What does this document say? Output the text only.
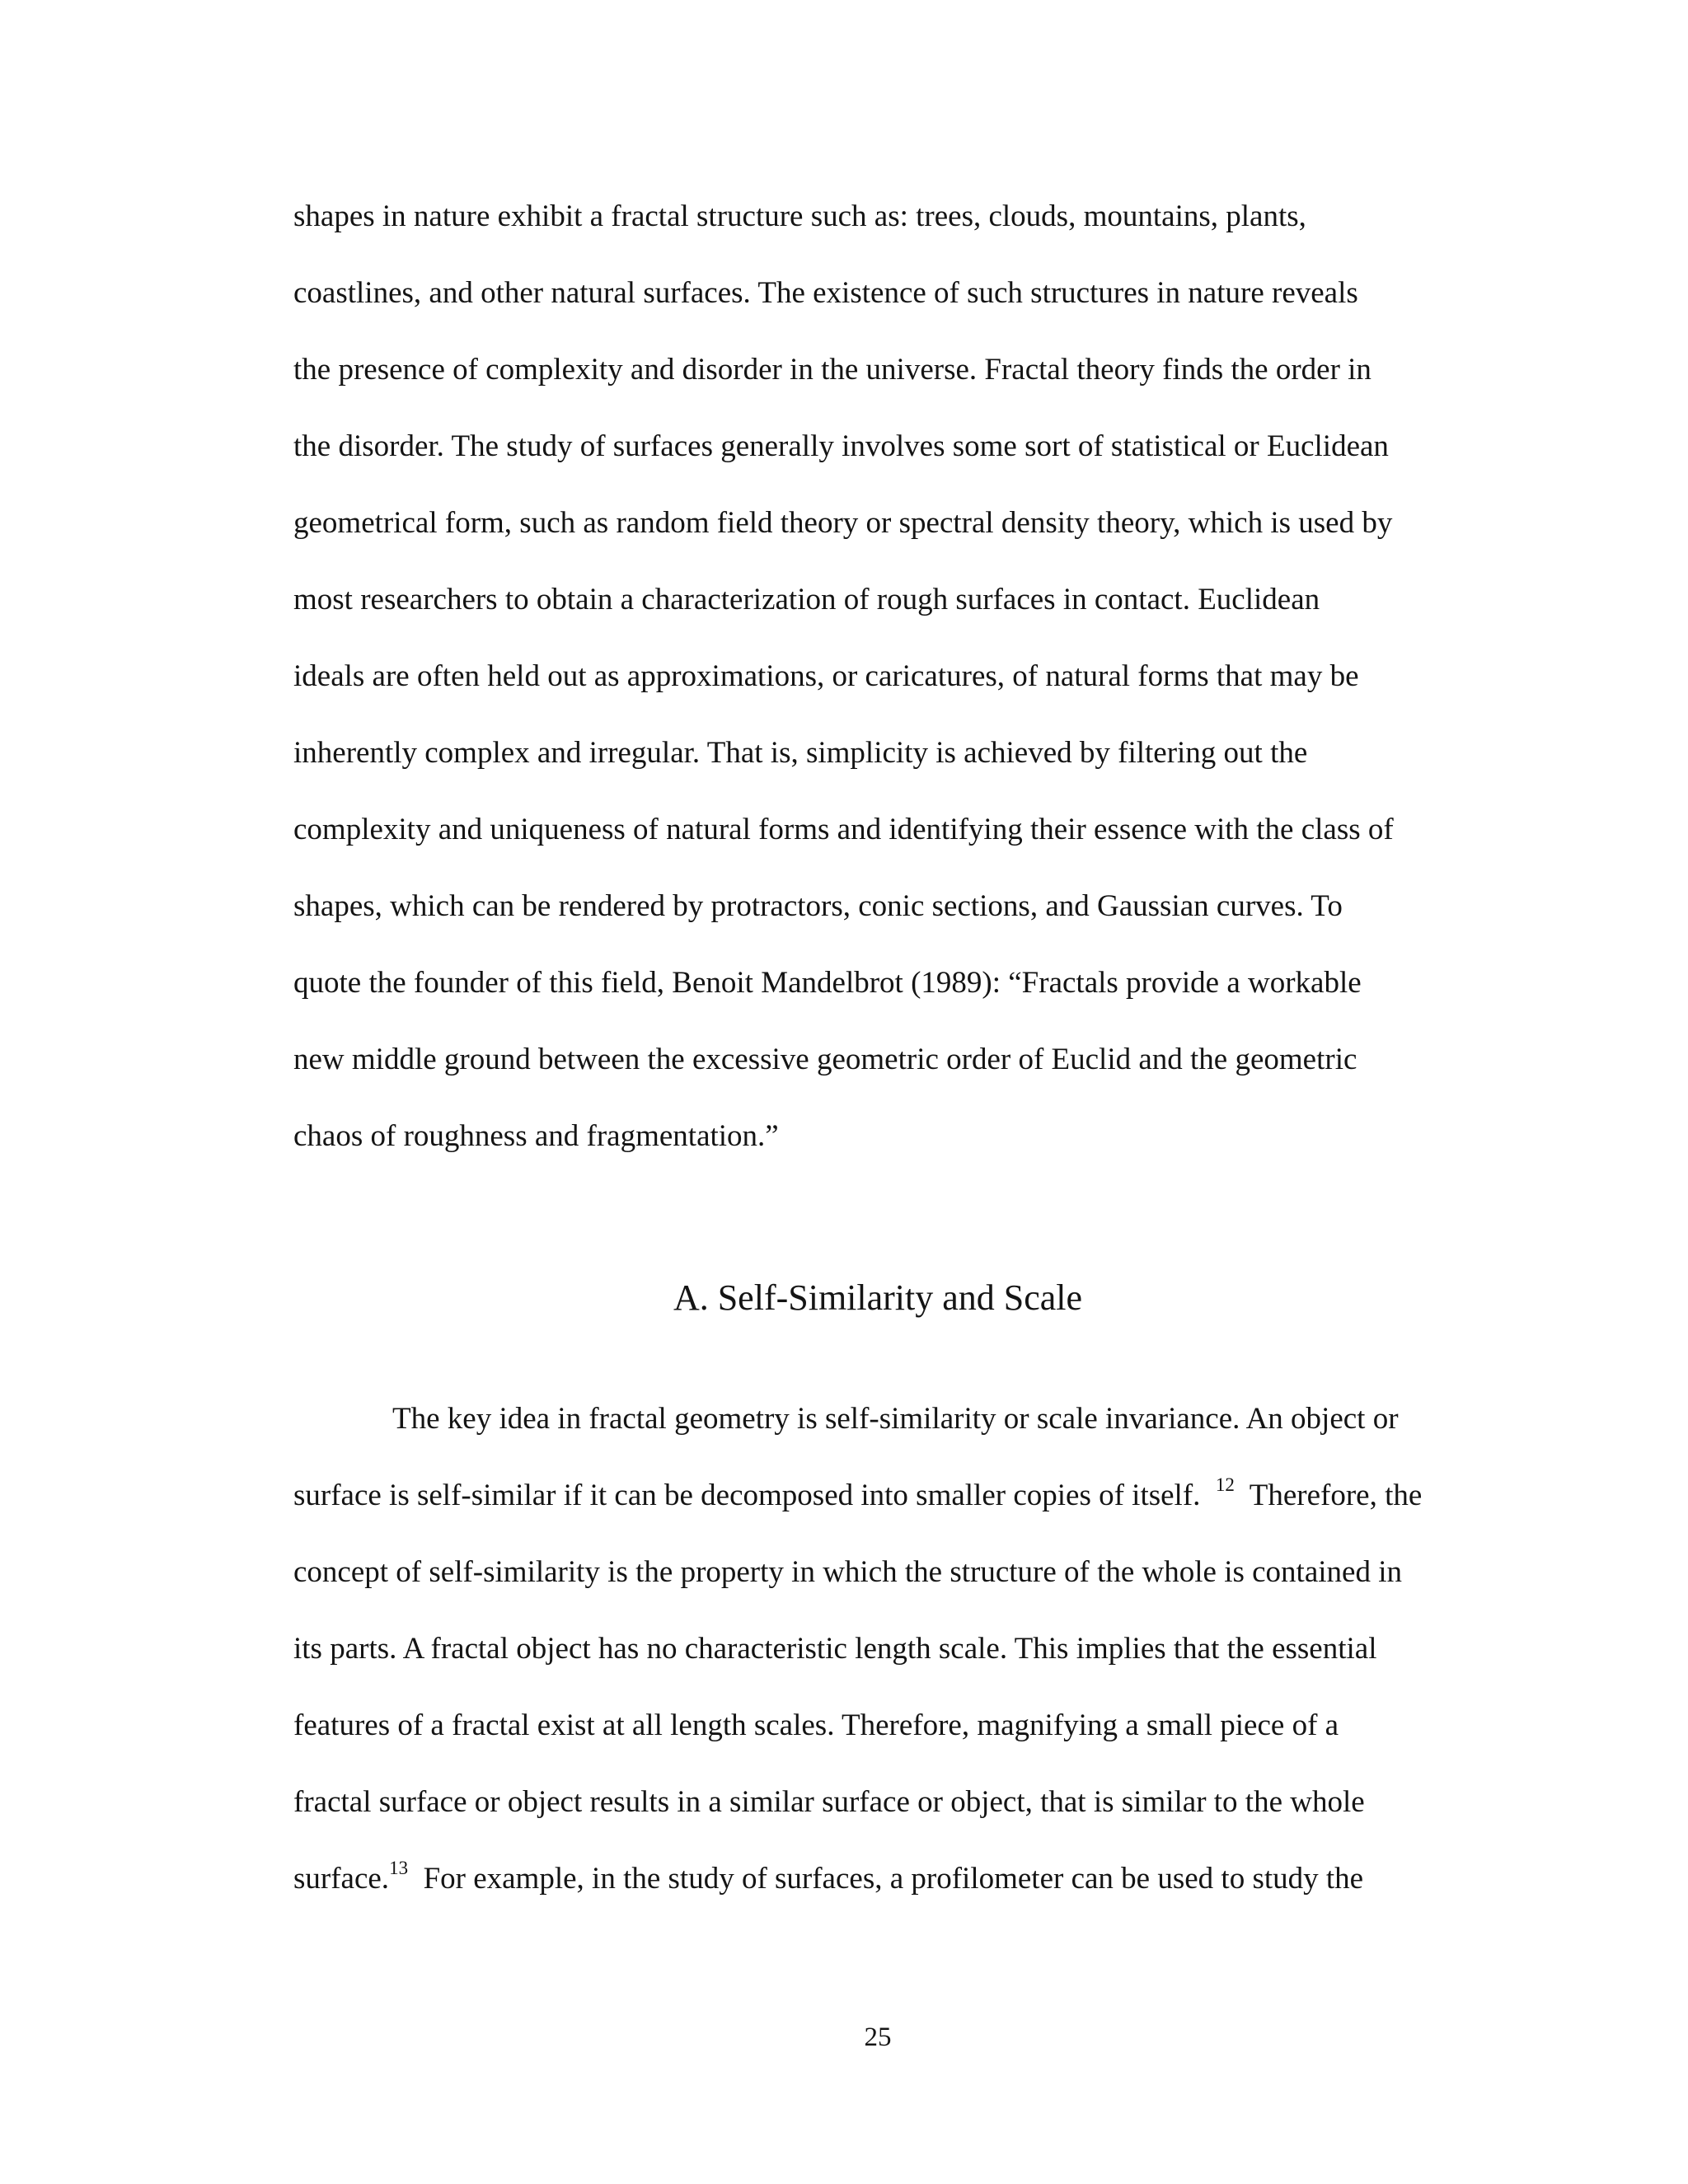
shapes in nature exhibit a fractal structure such as: trees, clouds, mountains, plants,
coastlines, and other natural surfaces. The existence of such structures in nature reveals
the presence of complexity and disorder in the universe. Fractal theory finds the order in
the disorder. The study of surfaces generally involves some sort of statistical or Euclidean
geometrical form, such as random field theory or spectral density theory, which is used by
most researchers to obtain a characterization of rough surfaces in contact. Euclidean
ideals are often held out as approximations, or caricatures, of natural forms that may be
inherently complex and irregular. That is, simplicity is achieved by filtering out the
complexity and uniqueness of natural forms and identifying their essence with the class of
shapes, which can be rendered by protractors, conic sections, and Gaussian curves. To
quote the founder of this field, Benoit Mandelbrot (1989): “Fractals provide a workable
new middle ground between the excessive geometric order of Euclid and the geometric
chaos of roughness and fragmentation.”
A. Self-Similarity and Scale
The key idea in fractal geometry is self-similarity or scale invariance. An object or
surface is self-similar if it can be decomposed into smaller copies of itself.  $^{12}$  Therefore, the
concept of self-similarity is the property in which the structure of the whole is contained in
its parts. A fractal object has no characteristic length scale. This implies that the essential
features of a fractal exist at all length scales. Therefore, magnifying a small piece of a
fractal surface or object results in a similar surface or object, that is similar to the whole
surface.$^{13}$  For example, in the study of surfaces, a profilometer can be used to study the
25
